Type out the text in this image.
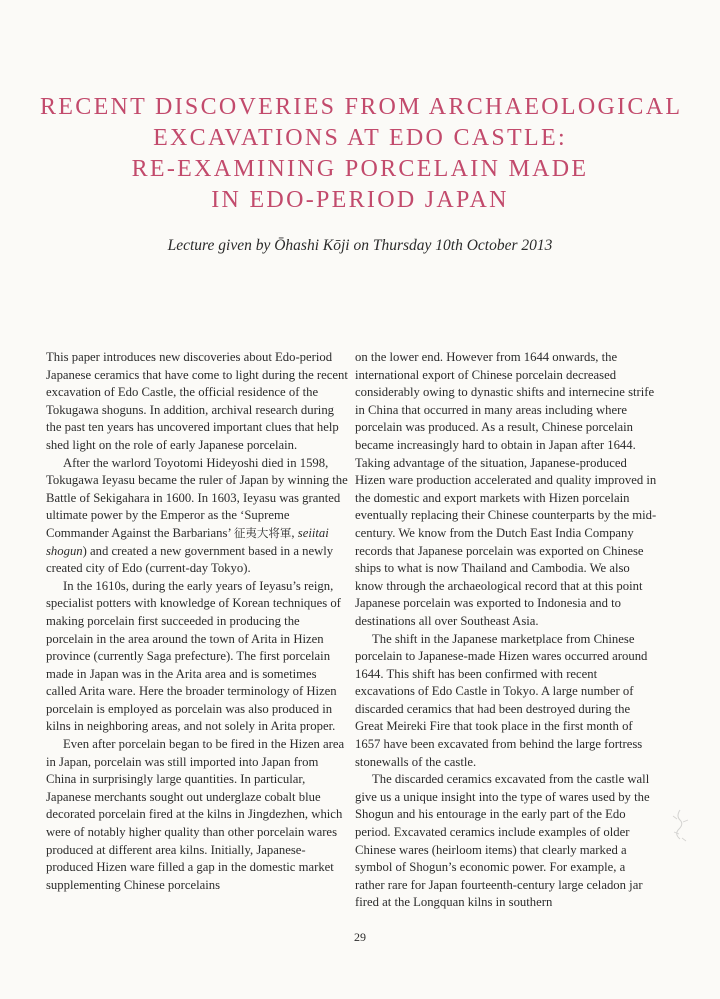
RECENT DISCOVERIES FROM ARCHAEOLOGICAL
EXCAVATIONS AT EDO CASTLE:
RE-EXAMINING PORCELAIN MADE
IN EDO-PERIOD JAPAN
Lecture given by Ōhashi Kōji on Thursday 10th October 2013

This paper introduces new discoveries about Edo-period Japanese ceramics that have come to light during the recent excavation of Edo Castle, the official residence of the Tokugawa shoguns. In addition, archival research during the past ten years has uncovered important clues that help shed light on the role of early Japanese porcelain.

After the warlord Toyotomi Hideyoshi died in 1598, Tokugawa Ieyasu became the ruler of Japan by winning the Battle of Sekigahara in 1600. In 1603, Ieyasu was granted ultimate power by the Emperor as the ‘Supreme Commander Against the Barbarians’ 征夷大将軍, seiitai shogun) and created a new government based in a newly created city of Edo (current-day Tokyo).

In the 1610s, during the early years of Ieyasu’s reign, specialist potters with knowledge of Korean techniques of making porcelain first succeeded in producing the porcelain in the area around the town of Arita in Hizen province (currently Saga prefecture). The first porcelain made in Japan was in the Arita area and is sometimes called Arita ware. Here the broader terminology of Hizen porcelain is employed as porcelain was also produced in kilns in neighboring areas, and not solely in Arita proper.

Even after porcelain began to be fired in the Hizen area in Japan, porcelain was still imported into Japan from China in surprisingly large quantities. In particular, Japanese merchants sought out underglaze cobalt blue decorated porcelain fired at the kilns in Jingdezhen, which were of notably higher quality than other porcelain wares produced at different area kilns. Initially, Japanese-produced Hizen ware filled a gap in the domestic market supplementing Chinese porcelains

on the lower end. However from 1644 onwards, the international export of Chinese porcelain decreased considerably owing to dynastic shifts and internecine strife in China that occurred in many areas including where porcelain was produced. As a result, Chinese porcelain became increasingly hard to obtain in Japan after 1644. Taking advantage of the situation, Japanese-produced Hizen ware production accelerated and quality improved in the domestic and export markets with Hizen porcelain eventually replacing their Chinese counterparts by the mid-century. We know from the Dutch East India Company records that Japanese porcelain was exported on Chinese ships to what is now Thailand and Cambodia. We also know through the archaeological record that at this point Japanese porcelain was exported to Indonesia and to destinations all over Southeast Asia.

The shift in the Japanese marketplace from Chinese porcelain to Japanese-made Hizen wares occurred around 1644. This shift has been confirmed with recent excavations of Edo Castle in Tokyo. A large number of discarded ceramics that had been destroyed during the Great Meireki Fire that took place in the first month of 1657 have been excavated from behind the large fortress stonewalls of the castle.

The discarded ceramics excavated from the castle wall give us a unique insight into the type of wares used by the Shogun and his entourage in the early part of the Edo period. Excavated ceramics include examples of older Chinese wares (heirloom items) that clearly marked a symbol of Shogun’s economic power. For example, a rather rare for Japan fourteenth-century large celadon jar fired at the Longquan kilns in southern

29
